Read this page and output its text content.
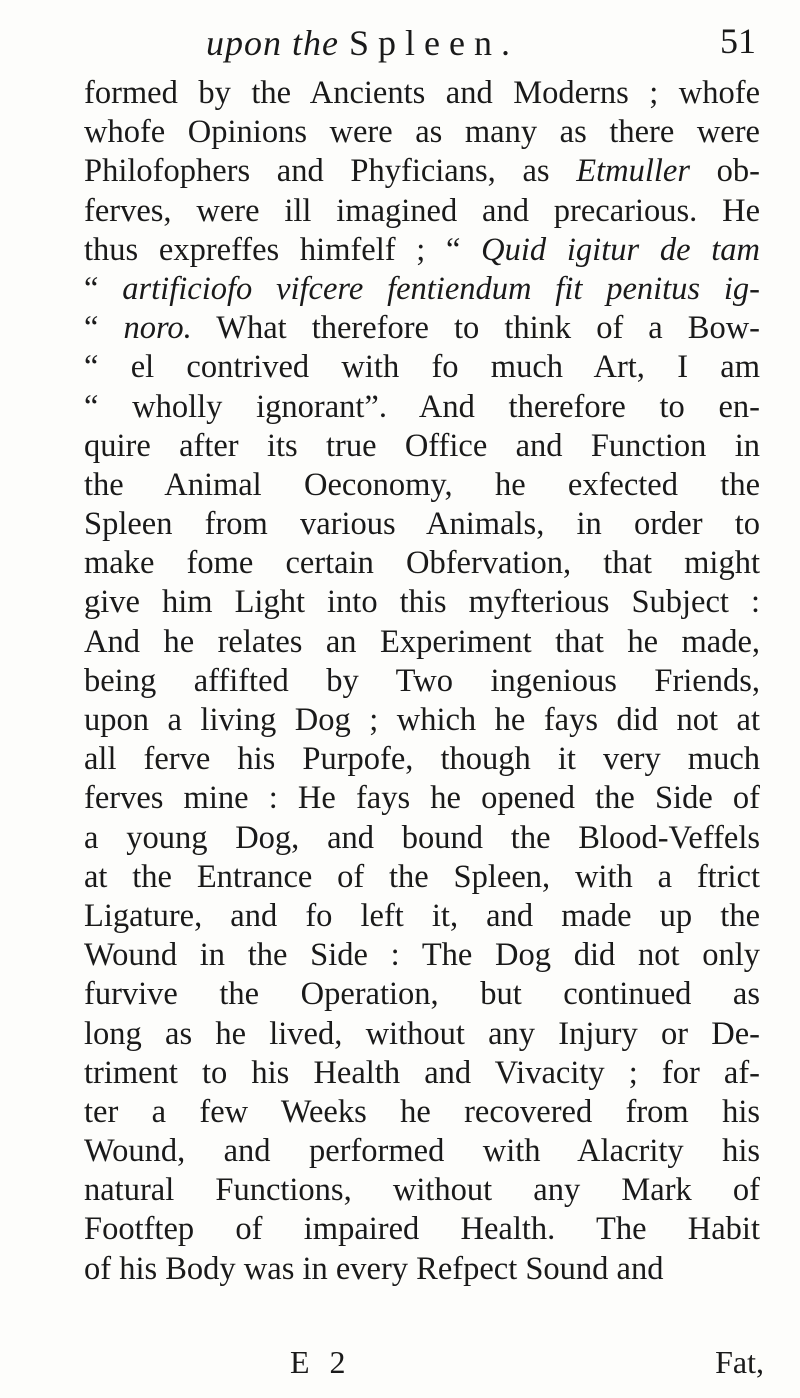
upon the Spleen.	51
formed by the Ancients and Moderns ; whofe
whofe Opinions were as many as there were
Philofophers and Phyficians, as Etmuller ob-
ferves, were ill imagined and precarious. He
thus expreffes himfelf ; “ Quid igitur de tam
“ artificiofo vifcere fentiendum fit penitus ig-
“ noro. What therefore to think of a Bow-
“ el contrived with fo much Art, I am
“ wholly ignorant”. And therefore to en-
quire after its true Office and Function in
the Animal Oeconomy, he exfected the
Spleen from various Animals, in order to
make fome certain Obfervation, that might
give him Light into this myfterious Subject :
And he relates an Experiment that he made,
being affifted by Two ingenious Friends,
upon a living Dog ; which he fays did not at
all ferve his Purpofe, though it very much
ferves mine : He fays he opened the Side of
a young Dog, and bound the Blood-Veffels
at the Entrance of the Spleen, with a ftrict
Ligature, and fo left it, and made up the
Wound in the Side : The Dog did not only
furvive the Operation, but continued as
long as he lived, without any Injury or De-
triment to his Health and Vivacity ; for af-
ter a few Weeks he recovered from his
Wound, and performed with Alacrity his
natural Functions, without any Mark of
Footftep of impaired Health. The Habit
of his Body was in every Refpect Sound and
E 2	Fat,
